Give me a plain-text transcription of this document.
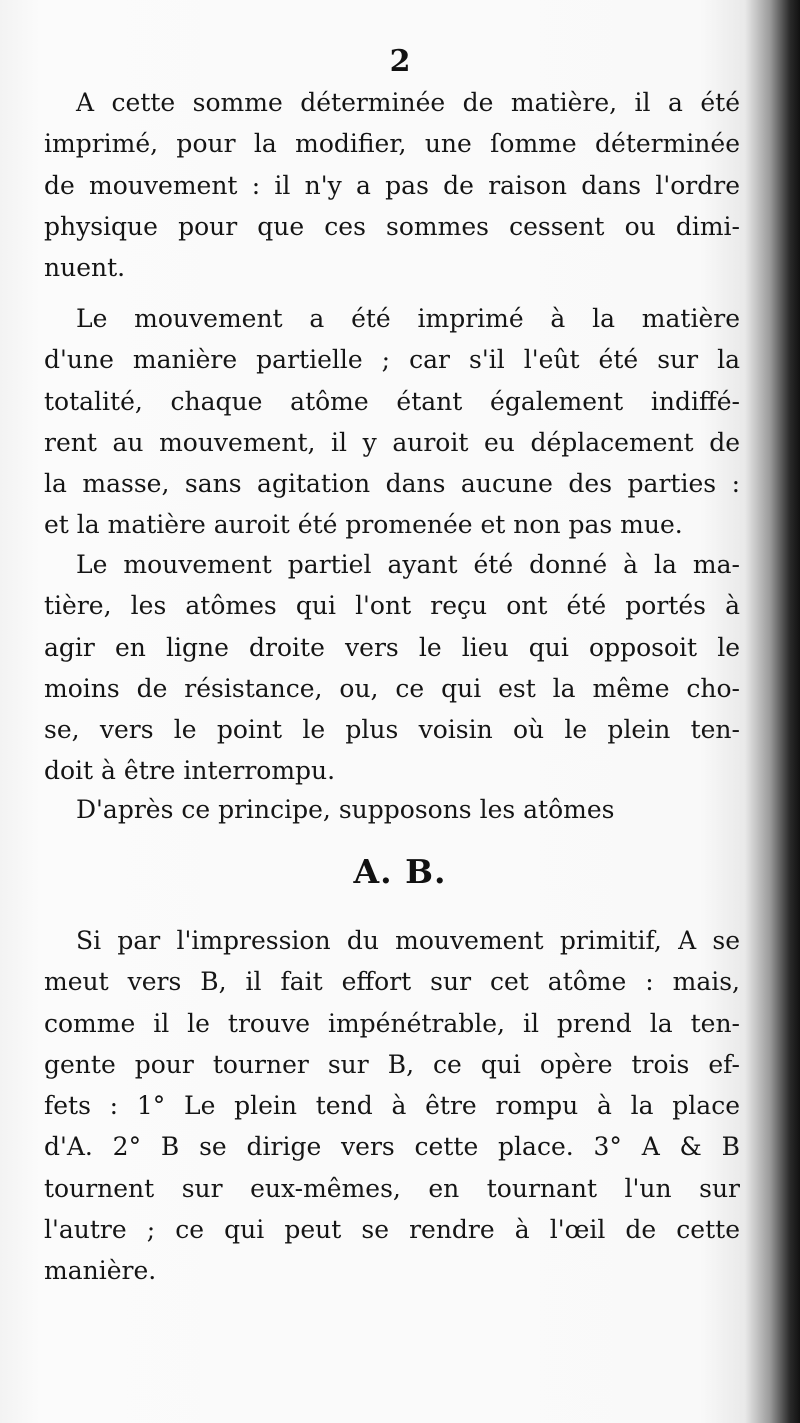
2
A cette somme déterminée de matière, il a été
imprimé, pour la modifier, une ſomme déterminée
de mouvement : il n'y a pas de raison dans l'ordre
physique pour que ces sommes cessent ou dimi-
nuent.
Le mouvement a été imprimé à la matière
d'une manière partielle ; car s'il l'eût été sur la
totalité, chaque atôme étant également indiffé-
rent au mouvement, il y auroit eu déplacement de
la masse, sans agitation dans aucune des parties :
et la matière auroit été promenée et non pas mue.
Le mouvement partiel ayant été donné à la ma-
tière, les atômes qui l'ont reçu ont été portés à
agir en ligne droite vers le lieu qui opposoit le
moins de résistance, ou, ce qui est la même cho-
se, vers le point le plus voisin où le plein ten-
doit à être interrompu.
D'après ce principe, supposons les atômes
A. B.
Si par l'impression du mouvement primitif, A se
meut vers B, il fait effort sur cet atôme : mais,
comme il le trouve impénétrable, il prend la ten-
gente pour tourner sur B, ce qui opère trois ef-
fets : 1° Le plein tend à être rompu à la place
d'A. 2° B se dirige vers cette place. 3° A & B
tournent sur eux-mêmes, en tournant l'un sur
l'autre ; ce qui peut se rendre à l'œil de cette
manière.
